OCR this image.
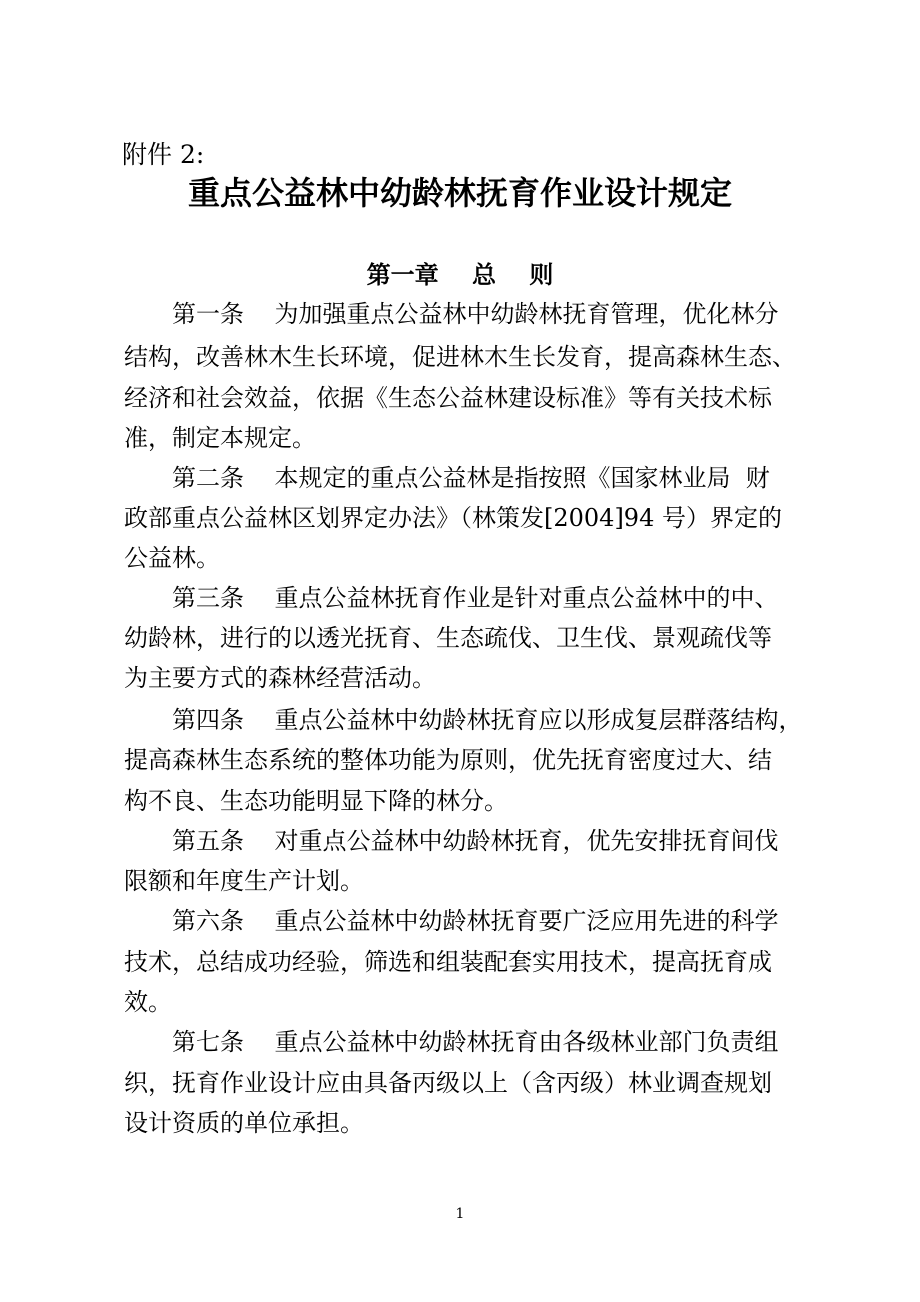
附件 2:
重点公益林中幼龄林抚育作业设计规定
第一章    总    则
第一条    为加强重点公益林中幼龄林抚育管理，优化林分
结构，改善林木生长环境，促进林木生长发育，提高森林生态、
经济和社会效益，依据《生态公益林建设标准》等有关技术标
准，制定本规定。
第二条    本规定的重点公益林是指按照《国家林业局  财
政部重点公益林区划界定办法》（林策发[2004]94 号）界定的
公益林。
第三条    重点公益林抚育作业是针对重点公益林中的中、
幼龄林，进行的以透光抚育、生态疏伐、卫生伐、景观疏伐等
为主要方式的森林经营活动。
第四条    重点公益林中幼龄林抚育应以形成复层群落结构，
提高森林生态系统的整体功能为原则，优先抚育密度过大、结
构不良、生态功能明显下降的林分。
第五条    对重点公益林中幼龄林抚育，优先安排抚育间伐
限额和年度生产计划。
第六条    重点公益林中幼龄林抚育要广泛应用先进的科学
技术，总结成功经验，筛选和组装配套实用技术，提高抚育成
效。
第七条    重点公益林中幼龄林抚育由各级林业部门负责组
织，抚育作业设计应由具备丙级以上（含丙级）林业调查规划
设计资质的单位承担。
1
